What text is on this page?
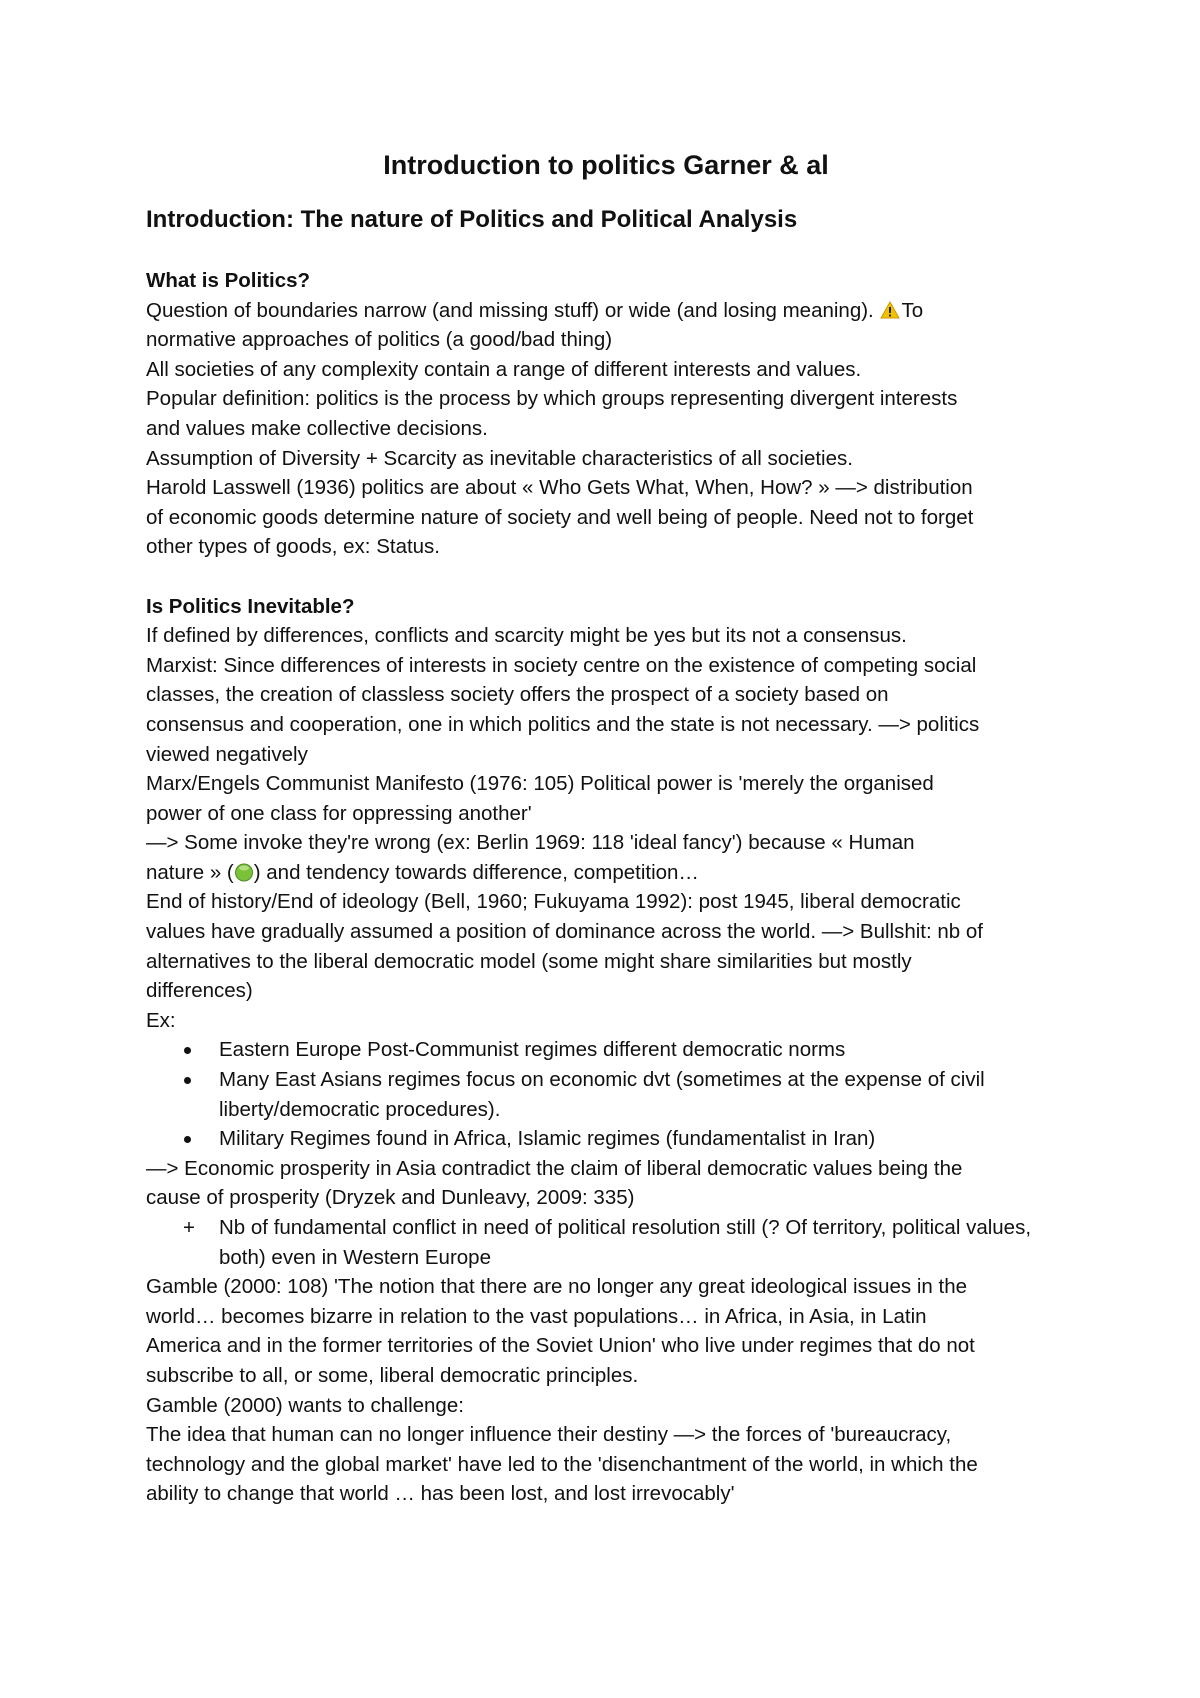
Introduction to politics Garner & al
Introduction: The nature of Politics and Political Analysis
What is Politics?
Question of boundaries narrow (and missing stuff) or wide (and losing meaning). To
normative approaches of politics (a good/bad thing)
All societies of any complexity contain a range of different interests and values.
Popular definition: politics is the process by which groups representing divergent interests
and values make collective decisions.
Assumption of Diversity + Scarcity as inevitable characteristics of all societies.
Harold Lasswell (1936) politics are about « Who Gets What, When, How? » —> distribution
of economic goods determine nature of society and well being of people. Need not to forget
other types of goods, ex: Status.
Is Politics Inevitable?
If defined by differences, conflicts and scarcity might be yes but its not a consensus.
Marxist: Since differences of interests in society centre on the existence of competing social
classes, the creation of classless society offers the prospect of a society based on
consensus and cooperation, one in which politics and the state is not necessary. —> politics
viewed negatively
Marx/Engels Communist Manifesto (1976: 105) Political power is 'merely the organised
power of one class for oppressing another'
—> Some invoke they're wrong (ex: Berlin 1969: 118 'ideal fancy') because « Human
nature » ( ) and tendency towards difference, competition…
End of history/End of ideology (Bell, 1960; Fukuyama 1992): post 1945, liberal democratic
values have gradually assumed a position of dominance across the world. —> Bullshit: nb of
alternatives to the liberal democratic model (some might share similarities but mostly
differences)
Ex:
Eastern Europe Post-Communist regimes different democratic norms
Many East Asians regimes focus on economic dvt (sometimes at the expense of civil liberty/democratic procedures).
Military Regimes found in Africa, Islamic regimes (fundamentalist in Iran)
—> Economic prosperity in Asia contradict the claim of liberal democratic values being the
cause of prosperity (Dryzek and Dunleavy, 2009: 335)
+ Nb of fundamental conflict in need of political resolution still (? Of territory, political values, both) even in Western Europe
Gamble (2000: 108) 'The notion that there are no longer any great ideological issues in the
world… becomes bizarre in relation to the vast populations… in Africa, in Asia, in Latin
America and in the former territories of the Soviet Union' who live under regimes that do not
subscribe to all, or some, liberal democratic principles.
Gamble (2000) wants to challenge:
The idea that human can no longer influence their destiny —> the forces of 'bureaucracy,
technology and the global market' have led to the 'disenchantment of the world, in which the
ability to change that world … has been lost, and lost irrevocably'
